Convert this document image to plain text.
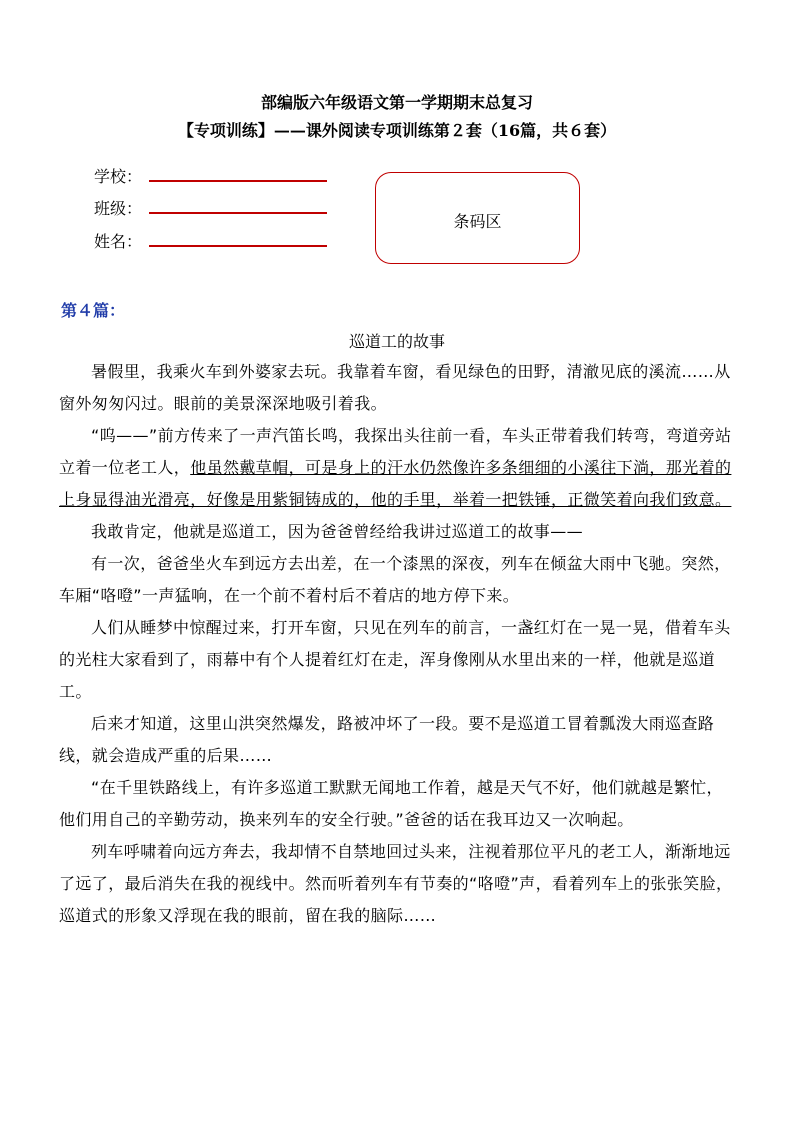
部编版六年级语文第一学期期末总复习
【专项训练】——课外阅读专项训练第２套（16篇，共６套）
学校：
班级：
姓名：
条码区
第４篇：
巡道工的故事

暑假里，我乘火车到外婆家去玩。我靠着车窗，看见绿色的田野，清澈见底的溪流……从窗外匆匆闪过。眼前的美景深深地吸引着我。

“呜——”前方传来了一声汽笛长鸣，我探出头往前一看，车头正带着我们转弯，弯道旁站立着一位老工人，他虽然戴草帽，可是身上的汗水仍然像许多条细细的小溪往下淌，那光着的上身显得油光滑亮，好像是用紫铜铸成的，他的手里，举着一把铁锤，正微笑着向我们致意。

我敢肯定，他就是巡道工，因为爸爸曾经给我讲过巡道工的故事——

有一次，爸爸坐火车到远方去出差，在一个漆黑的深夜，列车在倾盆大雨中飞驰。突然，车厢“咯噔”一声猛响，在一个前不着村后不着店的地方停下来。

人们从睡梦中惊醒过来，打开车窗，只见在列车的前言，一盏红灯在一晃一晃，借着车头的光柱大家看到了，雨幕中有个人提着红灯在走，浑身像刚从水里出来的一样，他就是巡道工。

后来才知道，这里山洪突然爆发，路被冲坏了一段。要不是巡道工冒着瓢泼大雨巡查路线，就会造成严重的后果……

“在千里铁路线上，有许多巡道工默默无闻地工作着，越是天气不好，他们就越是繁忙，他们用自己的辛勤劳动，换来列车的安全行驶。”爸爸的话在我耳边又一次响起。

列车呼啸着向远方奔去，我却情不自禁地回过头来，注视着那位平凡的老工人，渐渐地远了远了，最后消失在我的视线中。然而听着列车有节奏的“咯噔”声，看着列车上的张张笑脸，巡道式的形象又浮现在我的眼前，留在我的脑际……
